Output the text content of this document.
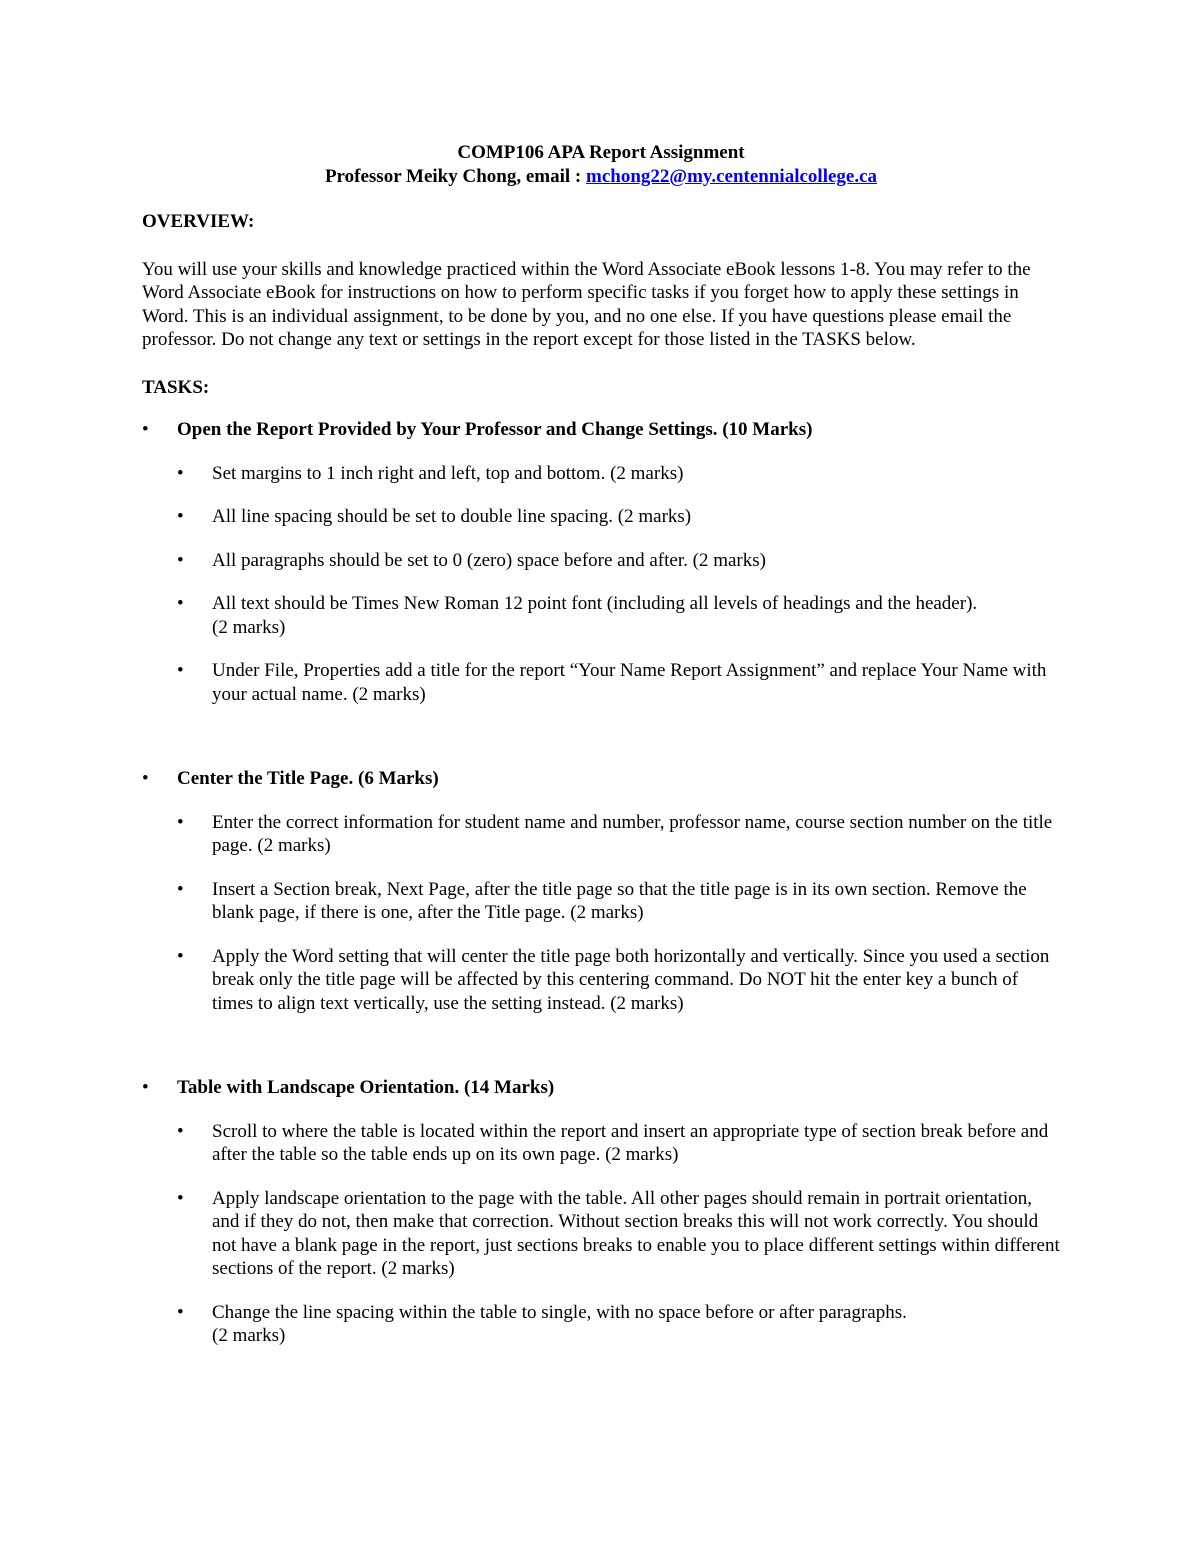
COMP106 APA Report Assignment
Professor Meiky Chong, email : mchong22@my.centennialcollege.ca
OVERVIEW:
You will use your skills and knowledge practiced within the Word Associate eBook lessons 1-8. You may refer to the Word Associate eBook for instructions on how to perform specific tasks if you forget how to apply these settings in Word. This is an individual assignment, to be done by you, and no one else. If you have questions please email the professor. Do not change any text or settings in the report except for those listed in the TASKS below.
TASKS:
• Open the Report Provided by Your Professor and Change Settings. (10 Marks)
• Set margins to 1 inch right and left, top and bottom. (2 marks)
• All line spacing should be set to double line spacing. (2 marks)
• All paragraphs should be set to 0 (zero) space before and after. (2 marks)
• All text should be Times New Roman 12 point font (including all levels of headings and the header).
(2 marks)
• Under File, Properties add a title for the report “Your Name Report Assignment” and replace Your Name with your actual name. (2 marks)
• Center the Title Page. (6 Marks)
• Enter the correct information for student name and number, professor name, course section number on the title page. (2 marks)
• Insert a Section break, Next Page, after the title page so that the title page is in its own section. Remove the blank page, if there is one, after the Title page. (2 marks)
• Apply the Word setting that will center the title page both horizontally and vertically. Since you used a section break only the title page will be affected by this centering command. Do NOT hit the enter key a bunch of times to align text vertically, use the setting instead. (2 marks)
• Table with Landscape Orientation. (14 Marks)
• Scroll to where the table is located within the report and insert an appropriate type of section break before and after the table so the table ends up on its own page. (2 marks)
• Apply landscape orientation to the page with the table. All other pages should remain in portrait orientation, and if they do not, then make that correction. Without section breaks this will not work correctly. You should not have a blank page in the report, just sections breaks to enable you to place different settings within different sections of the report. (2 marks)
• Change the line spacing within the table to single, with no space before or after paragraphs.
(2 marks)
